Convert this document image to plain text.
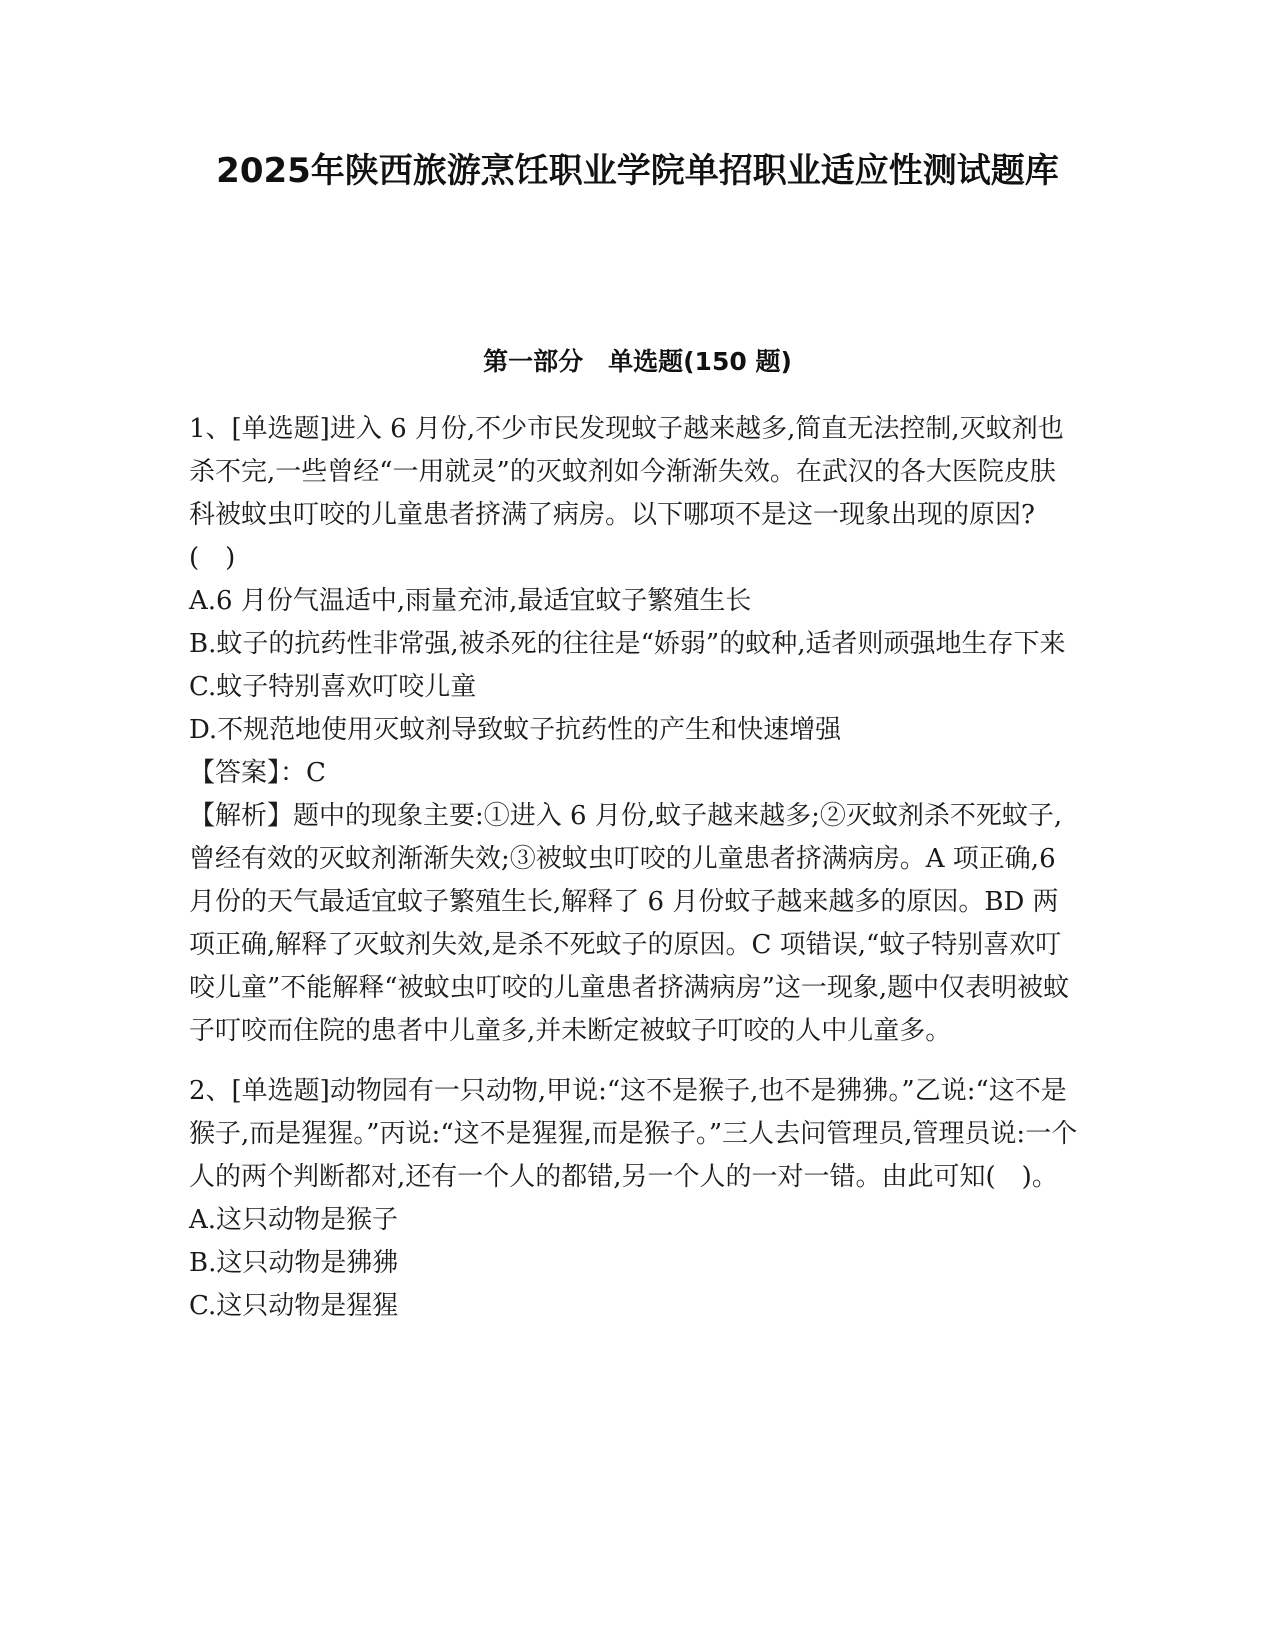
2025年陕西旅游烹饪职业学院单招职业适应性测试题库
第一部分　单选题(150 题)

1、[单选题]进入 6 月份,不少市民发现蚊子越来越多,简直无法控制,灭蚊剂也杀不完,一些曾经“一用就灵”的灭蚊剂如今渐渐失效。在武汉的各大医院皮肤科被蚊虫叮咬的儿童患者挤满了病房。以下哪项不是这一现象出现的原因?(　)

A.6 月份气温适中,雨量充沛,最适宜蚊子繁殖生长

B.蚊子的抗药性非常强,被杀死的往往是“娇弱”的蚊种,适者则顽强地生存下来

C.蚊子特别喜欢叮咬儿童

D.不规范地使用灭蚊剂导致蚊子抗药性的产生和快速增强

【答案】：C

【解析】题中的现象主要:①进入 6 月份,蚊子越来越多;②灭蚊剂杀不死蚊子,曾经有效的灭蚊剂渐渐失效;③被蚊虫叮咬的儿童患者挤满病房。A 项正确,6 月份的天气最适宜蚊子繁殖生长,解释了 6 月份蚊子越来越多的原因。BD 两项正确,解释了灭蚊剂失效,是杀不死蚊子的原因。C 项错误,“蚊子特别喜欢叮咬儿童”不能解释“被蚊虫叮咬的儿童患者挤满病房”这一现象,题中仅表明被蚊子叮咬而住院的患者中儿童多,并未断定被蚊子叮咬的人中儿童多。

2、[单选题]动物园有一只动物,甲说:“这不是猴子,也不是狒狒。”乙说:“这不是猴子,而是猩猩。”丙说:“这不是猩猩,而是猴子。”三人去问管理员,管理员说:一个人的两个判断都对,还有一个人的都错,另一个人的一对一错。由此可知(　)。

A.这只动物是猴子

B.这只动物是狒狒

C.这只动物是猩猩
